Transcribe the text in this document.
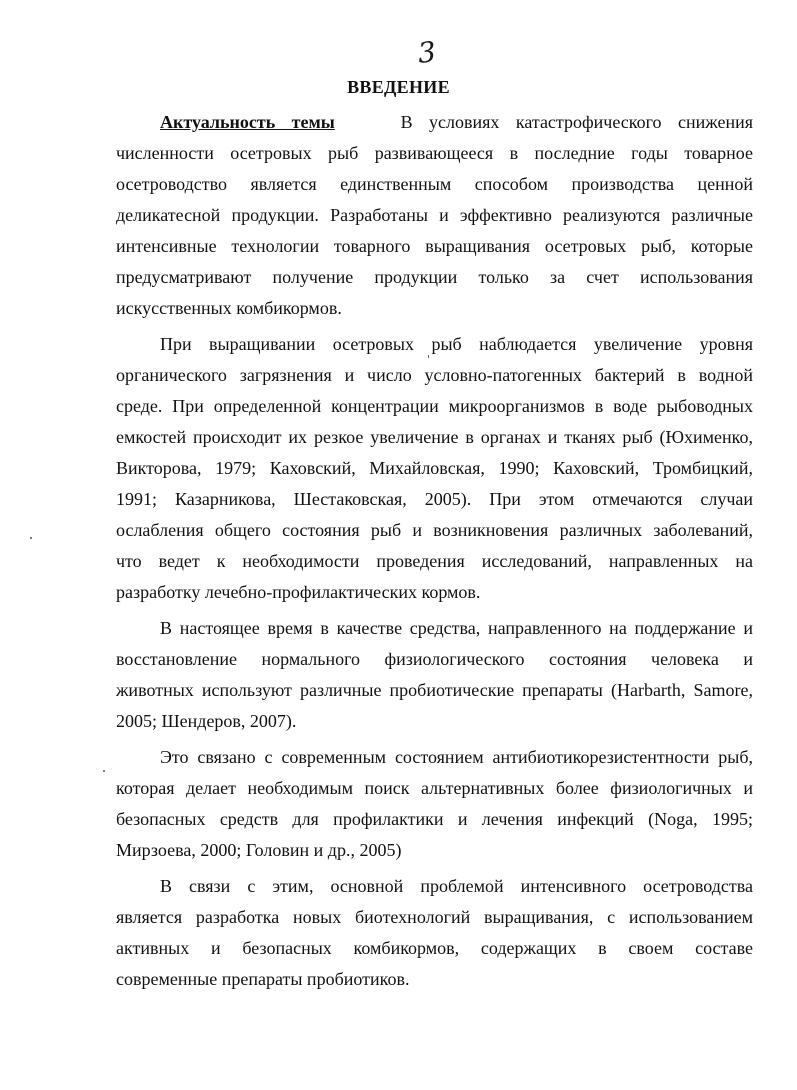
3
ВВЕДЕНИЕ
Актуальность темы	В условиях катастрофического снижения
численности осетровых рыб развивающееся в последние годы товарное
осетроводство является единственным способом производства ценной
деликатесной продукции. Разработаны и эффективно реализуются различные
интенсивные технологии товарного выращивания осетровых рыб, которые
предусматривают получение продукции только за счет использования
искусственных комбикормов.
При выращивании осетровых рыб наблюдается увеличение уровня
органического загрязнения и число условно-патогенных бактерий в водной
среде. При определенной концентрации микроорганизмов в воде рыбоводных
емкостей происходит их резкое увеличение в органах и тканях рыб (Юхименко,
Викторова, 1979; Каховский, Михайловская, 1990; Каховский, Тромбицкий,
1991; Казарникова, Шестаковская, 2005). При этом отмечаются случаи
ослабления общего состояния рыб и возникновения различных заболеваний,
что ведет к необходимости проведения исследований, направленных на
разработку лечебно-профилактических кормов.
В настоящее время в качестве средства, направленного на поддержание и
восстановление нормального физиологического состояния человека и
животных используют различные пробиотические препараты (Harbarth, Samore,
2005; Шендеров, 2007).
Это связано с современным состоянием антибиотикорезистентности рыб,
которая делает необходимым поиск альтернативных более физиологичных и
безопасных средств для профилактики и лечения инфекций (Noga, 1995;
Мирзоева, 2000; Головин и др., 2005)
В связи с этим, основной проблемой интенсивного осетроводства
является разработка новых биотехнологий выращивания, с использованием
активных и безопасных комбикормов, содержащих в своем составе
современные препараты пробиотиков.
